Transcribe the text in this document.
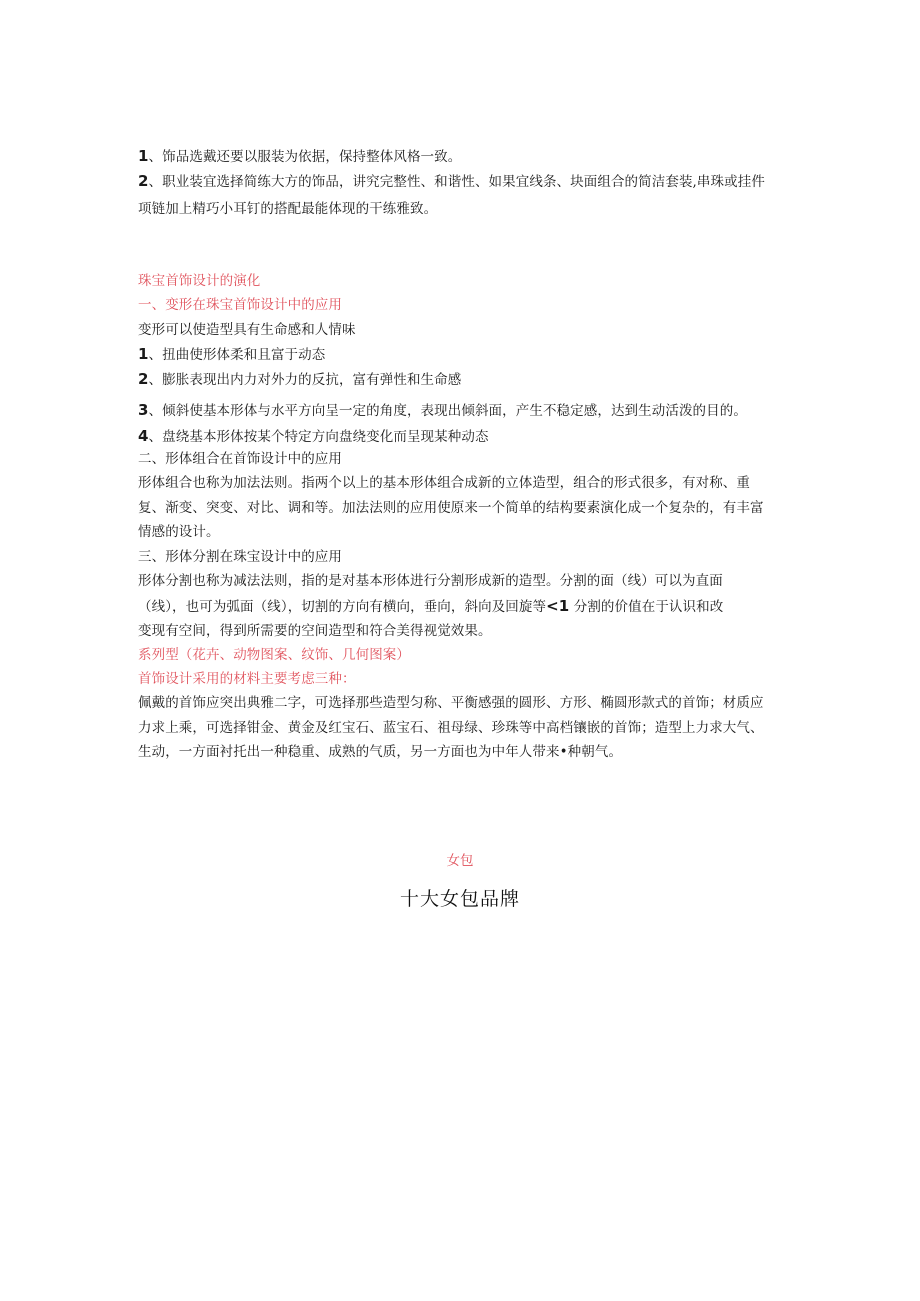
1、饰品选戴还要以服装为依据，保持整体风格一致。
2、职业装宜选择简练大方的饰品，讲究完整性、和谐性、如果宜线条、块面组合的简洁套装,串珠或挂件
项链加上精巧小耳钉的搭配最能体现的干练雅致。
珠宝首饰设计的演化
一、变形在珠宝首饰设计中的应用
变形可以使造型具有生命感和人情味
1、扭曲使形体柔和且富于动态
2、膨胀表现出内力对外力的反抗，富有弹性和生命感
3、倾斜使基本形体与水平方向呈一定的角度，表现出倾斜面，产生不稳定感，达到生动活泼的目的。
4、盘绕基本形体按某个特定方向盘绕变化而呈现某种动态
二、形体组合在首饰设计中的应用
形体组合也称为加法法则。指两个以上的基本形体组合成新的立体造型，组合的形式很多，有对称、重
复、渐变、突变、对比、调和等。加法法则的应用使原来一个简单的结构要素演化成一个复杂的，有丰富
情感的设计。
三、形体分割在珠宝设计中的应用
形体分割也称为减法法则，指的是对基本形体进行分割形成新的造型。分割的面（线）可以为直面
（线），也可为弧面（线），切割的方向有横向，垂向，斜向及回旋等<1 分割的价值在于认识和改
变现有空间，得到所需要的空间造型和符合美得视觉效果。
系列型（花卉、动物图案、纹饰、几何图案）
首饰设计采用的材料主要考虑三种：
佩戴的首饰应突出典雅二字，可选择那些造型匀称、平衡感强的圆形、方形、椭圆形款式的首饰；材质应
力求上乘，可选择钳金、黄金及红宝石、蓝宝石、祖母绿、珍珠等中高档镶嵌的首饰；造型上力求大气、
生动，一方面衬托出一种稳重、成熟的气质，另一方面也为中年人带来•种朝气。
女包
十大女包品牌
